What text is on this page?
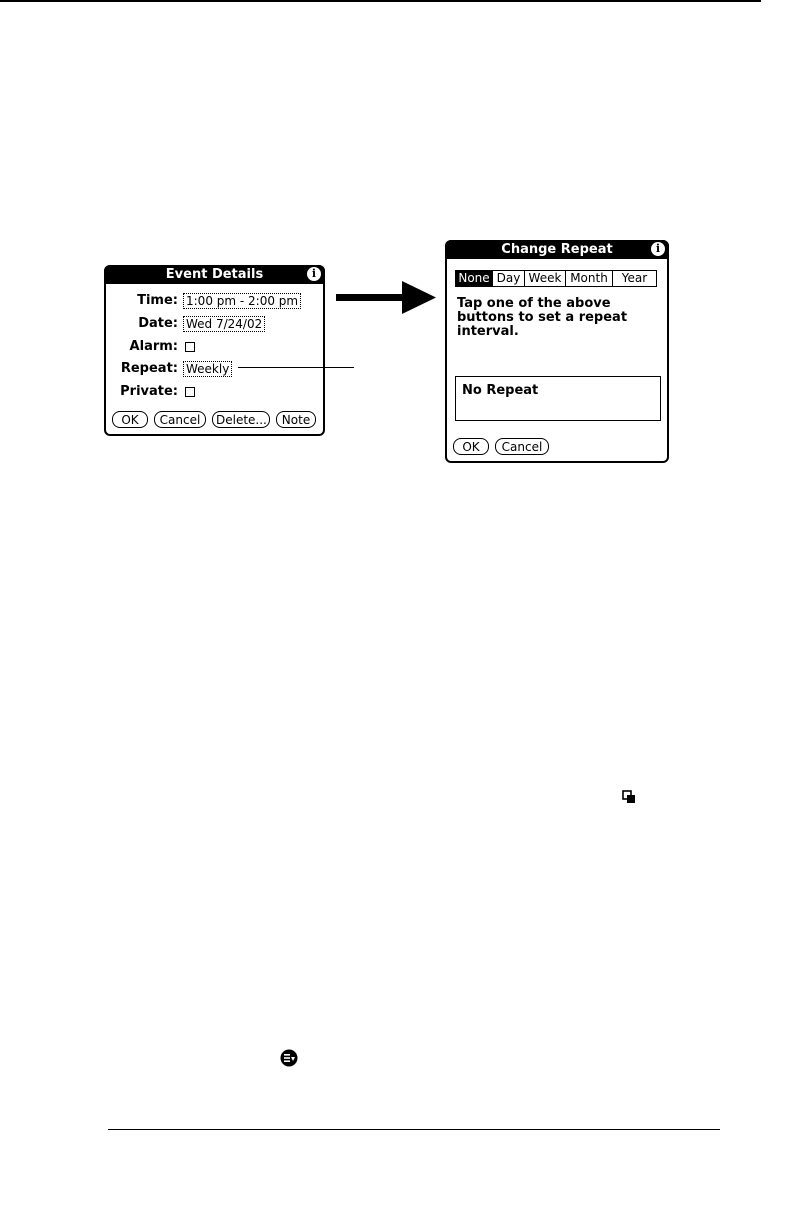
Event Details	i
Time: 1:00 pm - 2:00 pm
Date: Wed 7/24/02
Alarm:
Repeat: Weekly
Private:
OK	Cancel	Delete...	Note
Change Repeat	i
None Day Week Month	Year
Tap one of the above
buttons to set a repeat
interval.
No Repeat
OK	Cancel
